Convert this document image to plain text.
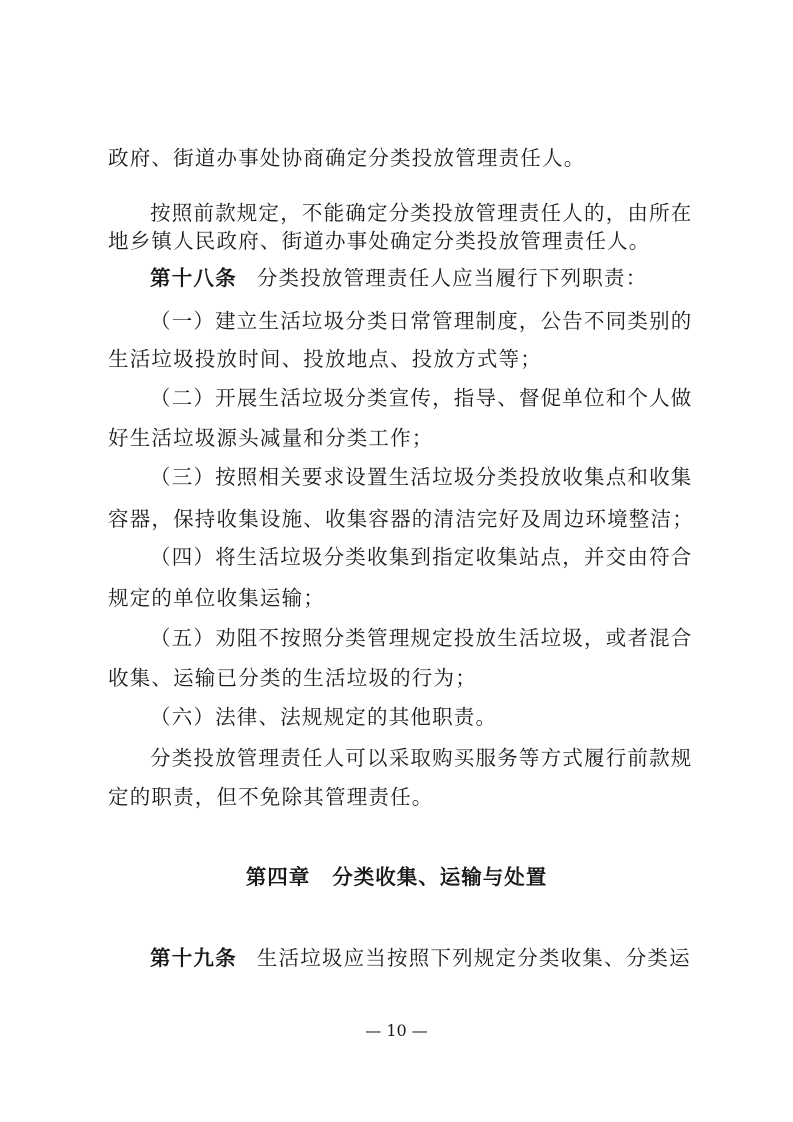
政府、街道办事处协商确定分类投放管理责任人。
按照前款规定，不能确定分类投放管理责任人的，由所在
地乡镇人民政府、街道办事处确定分类投放管理责任人。
第十八条 分类投放管理责任人应当履行下列职责：
（一）建立生活垃圾分类日常管理制度，公告不同类别的
生活垃圾投放时间、投放地点、投放方式等；
（二）开展生活垃圾分类宣传，指导、督促单位和个人做
好生活垃圾源头减量和分类工作；
（三）按照相关要求设置生活垃圾分类投放收集点和收集
容器，保持收集设施、收集容器的清洁完好及周边环境整洁；
（四）将生活垃圾分类收集到指定收集站点，并交由符合
规定的单位收集运输；
（五）劝阻不按照分类管理规定投放生活垃圾，或者混合
收集、运输已分类的生活垃圾的行为；
（六）法律、法规规定的其他职责。
分类投放管理责任人可以采取购买服务等方式履行前款规
定的职责，但不免除其管理责任。
第四章 分类收集、运输与处置
第十九条 生活垃圾应当按照下列规定分类收集、分类运
— 10 —
